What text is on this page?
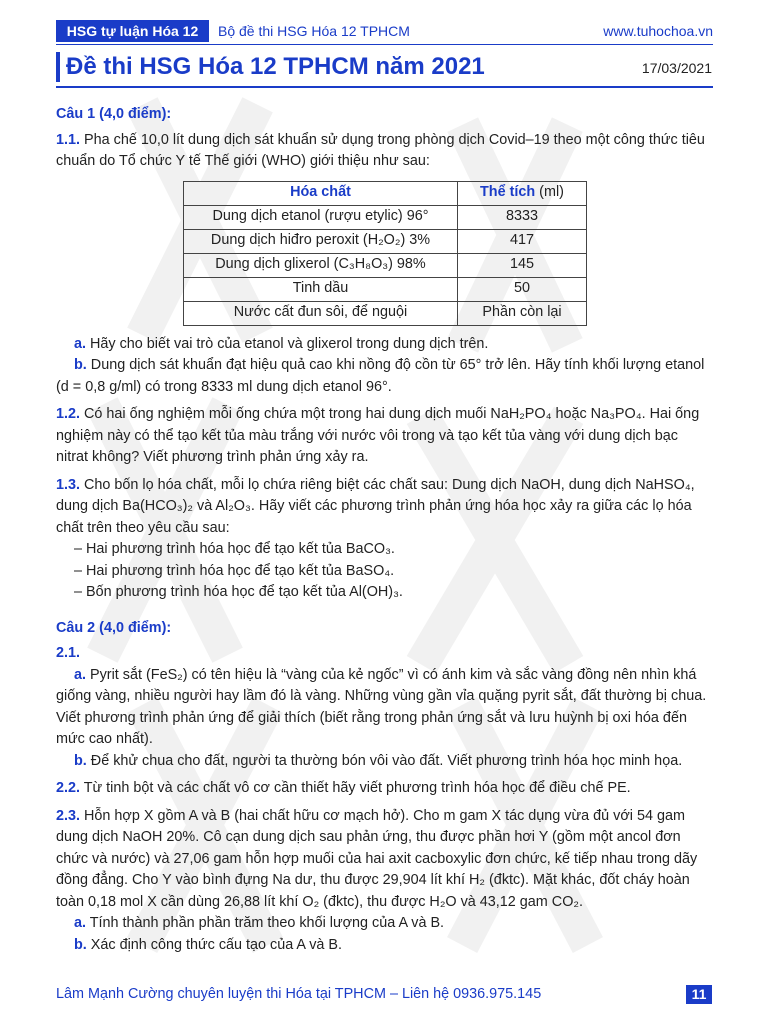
HSG tự luận Hóa 12	Bộ đề thi HSG Hóa 12 TPHCM	www.tuhochoa.vn
Đề thi HSG Hóa 12 TPHCM năm 2021	17/03/2021

Câu 1 (4,0 điểm):

1.1. Pha chế 10,0 lít dung dịch sát khuẩn sử dụng trong phòng dịch Covid–19 theo một công thức tiêu chuẩn do Tổ chức Y tế Thế giới (WHO) giới thiệu như sau:

Hóa chất	Thể tích (ml)
Dung dịch etanol (rượu etylic) 96°	8333
Dung dịch hiđro peroxit (H₂O₂) 3%	417
Dung dịch glixerol (C₃H₈O₃) 98%	145
Tinh dầu	50
Nước cất đun sôi, để nguội	Phần còn lại

a. Hãy cho biết vai trò của etanol và glixerol trong dung dịch trên.

b. Dung dịch sát khuẩn đạt hiệu quả cao khi nồng độ cồn từ 65° trở lên. Hãy tính khối lượng etanol (d = 0,8 g/ml) có trong 8333 ml dung dịch etanol 96°.

1.2. Có hai ống nghiệm mỗi ống chứa một trong hai dung dịch muối NaH₂PO₄ hoặc Na₃PO₄. Hai ống nghiệm này có thể tạo kết tủa màu trắng với nước vôi trong và tạo kết tủa vàng với dung dịch bạc nitrat không? Viết phương trình phản ứng xảy ra.

1.3. Cho bốn lọ hóa chất, mỗi lọ chứa riêng biệt các chất sau: Dung dịch NaOH, dung dịch NaHSO₄, dung dịch Ba(HCO₃)₂ và Al₂O₃. Hãy viết các phương trình phản ứng hóa học xảy ra giữa các lọ hóa chất trên theo yêu cầu sau:

– Hai phương trình hóa học để tạo kết tủa BaCO₃.

– Hai phương trình hóa học để tạo kết tủa BaSO₄.

– Bốn phương trình hóa học để tạo kết tủa Al(OH)₃.

Câu 2 (4,0 điểm):

2.1.

a. Pyrit sắt (FeS₂) có tên hiệu là “vàng của kẻ ngốc” vì có ánh kim và sắc vàng đồng nên nhìn khá giống vàng, nhiều người hay lầm đó là vàng. Những vùng gần vỉa quặng pyrit sắt, đất thường bị chua. Viết phương trình phản ứng để giải thích (biết rằng trong phản ứng sắt và lưu huỳnh bị oxi hóa đến mức cao nhất).

b. Để khử chua cho đất, người ta thường bón vôi vào đất. Viết phương trình hóa học minh họa.

2.2. Từ tinh bột và các chất vô cơ cần thiết hãy viết phương trình hóa học để điều chế PE.

2.3. Hỗn hợp X gồm A và B (hai chất hữu cơ mạch hở). Cho m gam X tác dụng vừa đủ với 54 gam dung dịch NaOH 20%. Cô cạn dung dịch sau phản ứng, thu được phần hơi Y (gồm một ancol đơn chức và nước) và 27,06 gam hỗn hợp muối của hai axit cacboxylic đơn chức, kế tiếp nhau trong dãy đồng đẳng. Cho Y vào bình đựng Na dư, thu được 29,904 lít khí H₂ (đktc). Mặt khác, đốt cháy hoàn toàn 0,18 mol X cần dùng 26,88 lít khí O₂ (đktc), thu được H₂O và 43,12 gam CO₂.

a. Tính thành phần phần trăm theo khối lượng của A và B.

b. Xác định công thức cấu tạo của A và B.

Lâm Mạnh Cường chuyên luyện thi Hóa tại TPHCM – Liên hệ 0936.975.145	11
